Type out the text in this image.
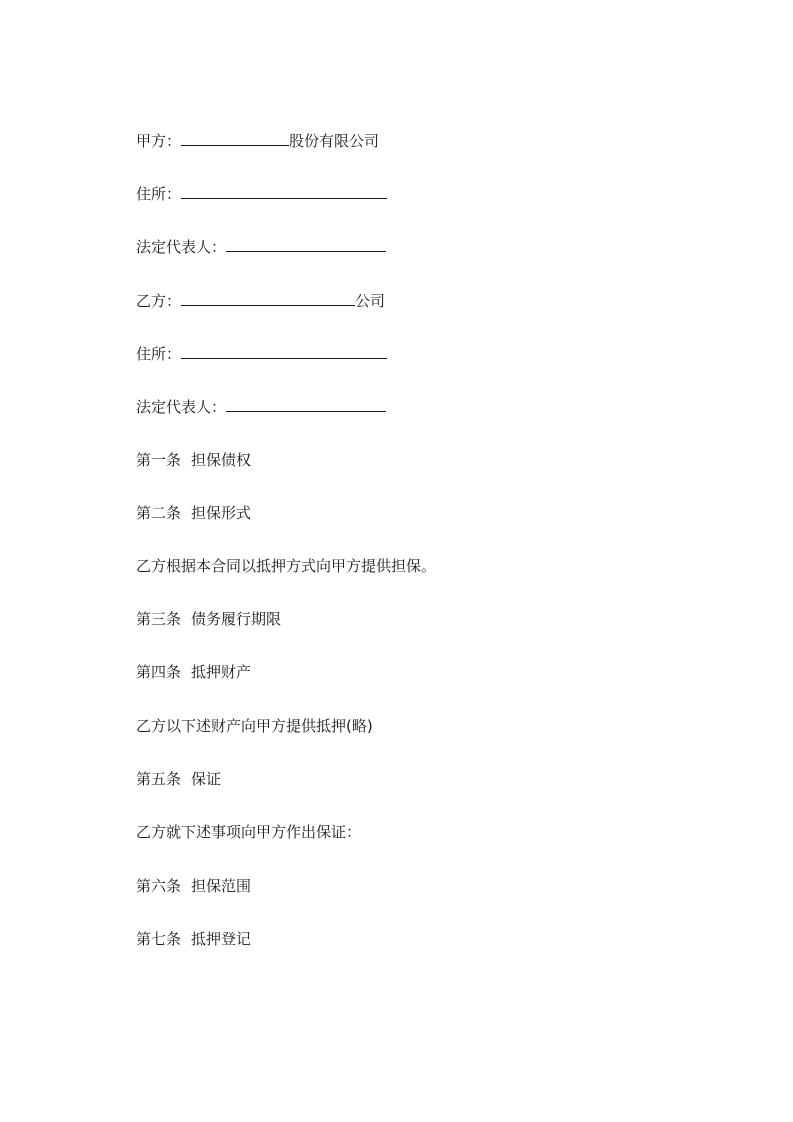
甲方：	股份有限公司
住所：
法定代表人：
乙方：	公司
住所：
法定代表人：
第一条 担保债权
第二条 担保形式
乙方根据本合同以抵押方式向甲方提供担保。
第三条 债务履行期限
第四条 抵押财产
乙方以下述财产向甲方提供抵押(略)
第五条 保证
乙方就下述事项向甲方作出保证：
第六条 担保范围
第七条 抵押登记
